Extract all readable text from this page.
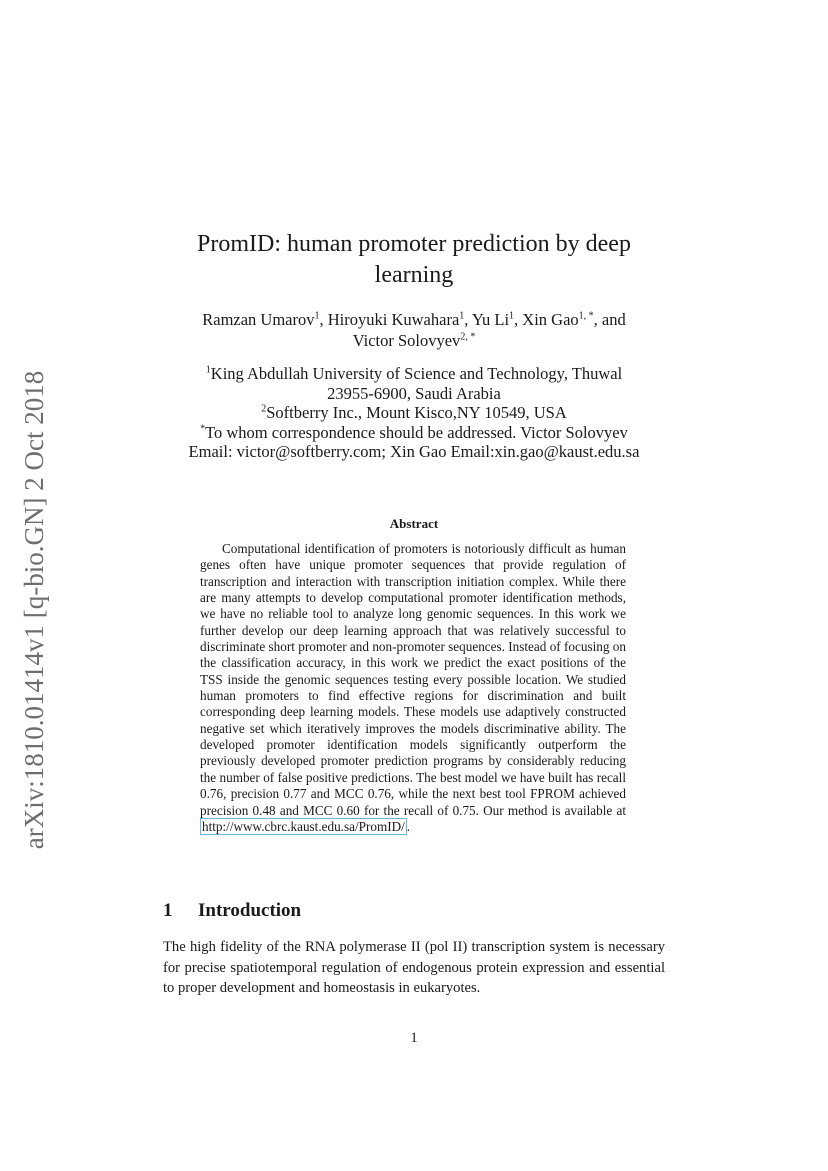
arXiv:1810.01414v1 [q-bio.GN] 2 Oct 2018
PromID: human promoter prediction by deep learning
Ramzan Umarov$^1$, Hiroyuki Kuwahara$^1$, Yu Li$^1$, Xin Gao$^{1, *}$, and
Victor Solovyev$^{2, *}$
$^1$King Abdullah University of Science and Technology, Thuwal
23955-6900, Saudi Arabia
$^2$Softberry Inc., Mount Kisco,NY 10549, USA
*To whom correspondence should be addressed. Victor Solovyev
Email: victor@softberry.com; Xin Gao Email:xin.gao@kaust.edu.sa
Abstract
Computational identification of promoters is notoriously difficult as human genes often have unique promoter sequences that provide regulation of transcription and interaction with transcription initiation complex. While there are many attempts to develop computational promoter identification methods, we have no reliable tool to analyze long genomic sequences. In this work we further develop our deep learning approach that was relatively successful to discriminate short promoter and non-promoter sequences. Instead of focusing on the classification accuracy, in this work we predict the exact positions of the TSS inside the genomic sequences testing every possible location. We studied human promoters to find effective regions for discrimination and built corresponding deep learning models. These models use adaptively constructed negative set which iteratively improves the models discriminative ability. The developed promoter identification models significantly outperform the previously developed promoter prediction programs by considerably reducing the number of false positive predictions. The best model we have built has recall 0.76, precision 0.77 and MCC 0.76, while the next best tool FPROM achieved precision 0.48 and MCC 0.60 for the recall of 0.75. Our method is available at http://www.cbrc.kaust.edu.sa/PromID/ .
1 Introduction
The high fidelity of the RNA polymerase II (pol II) transcription system is necessary for precise spatiotemporal regulation of endogenous protein expression and essential to proper development and homeostasis in eukaryotes.
1
